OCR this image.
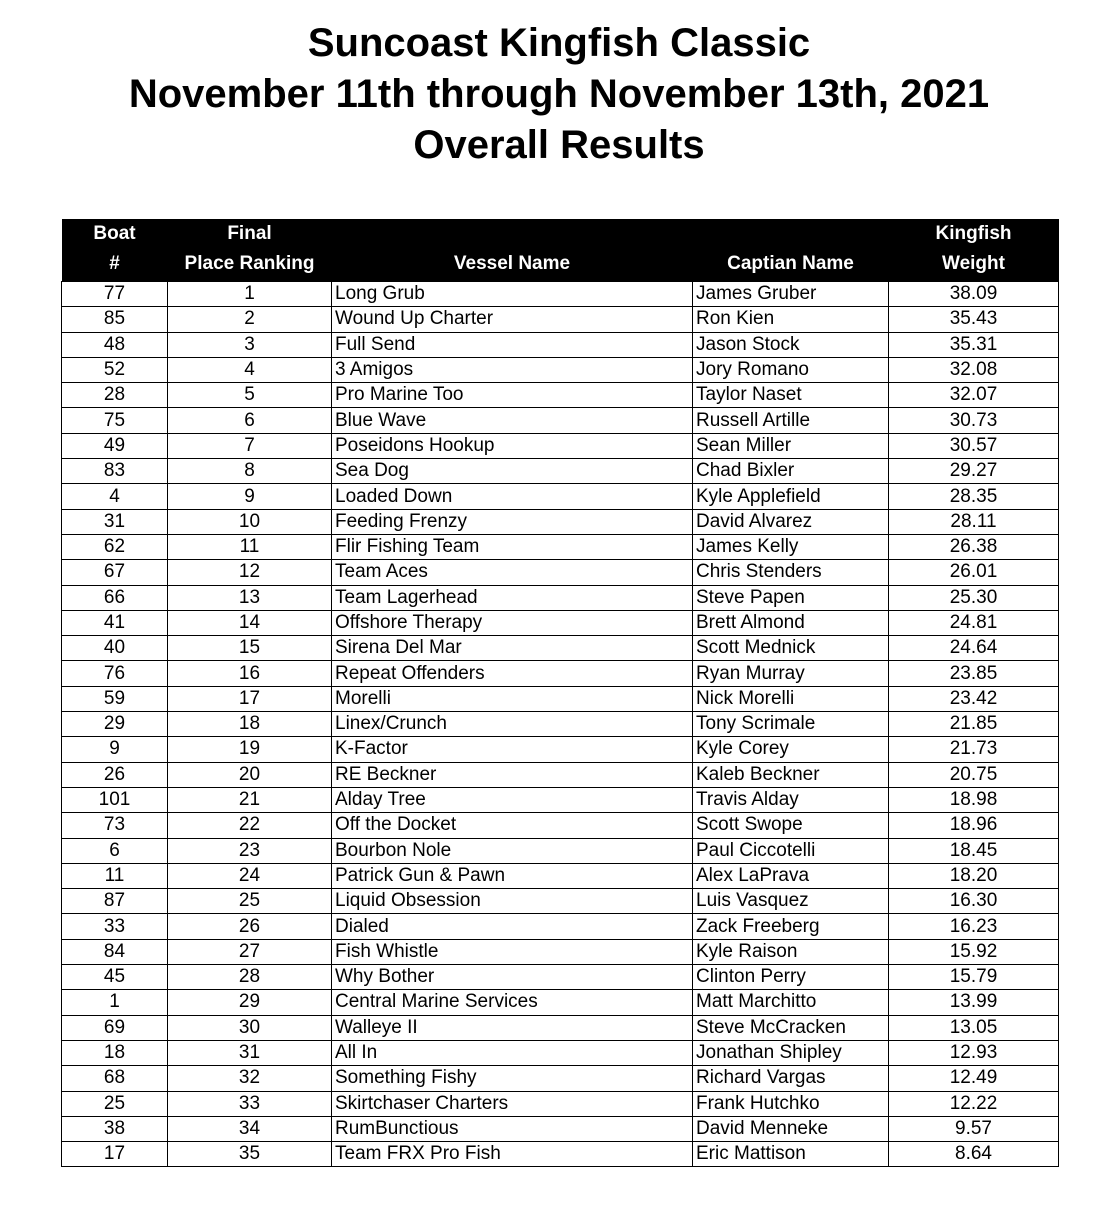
Suncoast Kingfish Classic
November 11th through November 13th, 2021
Overall Results
Boat	Final			Kingfish
#	Place Ranking	Vessel Name	Captian Name	Weight
77	1	Long Grub	James Gruber	38.09
85	2	Wound Up Charter	Ron Kien	35.43
48	3	Full Send	Jason Stock	35.31
52	4	3 Amigos	Jory Romano	32.08
28	5	Pro Marine Too	Taylor Naset	32.07
75	6	Blue Wave	Russell Artille	30.73
49	7	Poseidons Hookup	Sean Miller	30.57
83	8	Sea Dog	Chad Bixler	29.27
4	9	Loaded Down	Kyle Applefield	28.35
31	10	Feeding Frenzy	David Alvarez	28.11
62	11	Flir Fishing Team	James Kelly	26.38
67	12	Team Aces	Chris Stenders	26.01
66	13	Team Lagerhead	Steve Papen	25.30
41	14	Offshore Therapy	Brett Almond	24.81
40	15	Sirena Del Mar	Scott Mednick	24.64
76	16	Repeat Offenders	Ryan Murray	23.85
59	17	Morelli	Nick Morelli	23.42
29	18	Linex/Crunch	Tony Scrimale	21.85
9	19	K-Factor	Kyle Corey	21.73
26	20	RE Beckner	Kaleb Beckner	20.75
101	21	Alday Tree	Travis Alday	18.98
73	22	Off the Docket	Scott Swope	18.96
6	23	Bourbon Nole	Paul Ciccotelli	18.45
11	24	Patrick Gun & Pawn	Alex LaPrava	18.20
87	25	Liquid Obsession	Luis Vasquez	16.30
33	26	Dialed	Zack Freeberg	16.23
84	27	Fish Whistle	Kyle Raison	15.92
45	28	Why Bother	Clinton Perry	15.79
1	29	Central Marine Services	Matt Marchitto	13.99
69	30	Walleye II	Steve McCracken	13.05
18	31	All In	Jonathan Shipley	12.93
68	32	Something Fishy	Richard Vargas	12.49
25	33	Skirtchaser Charters	Frank Hutchko	12.22
38	34	RumBunctious	David Menneke	9.57
17	35	Team FRX Pro Fish	Eric Mattison	8.64
